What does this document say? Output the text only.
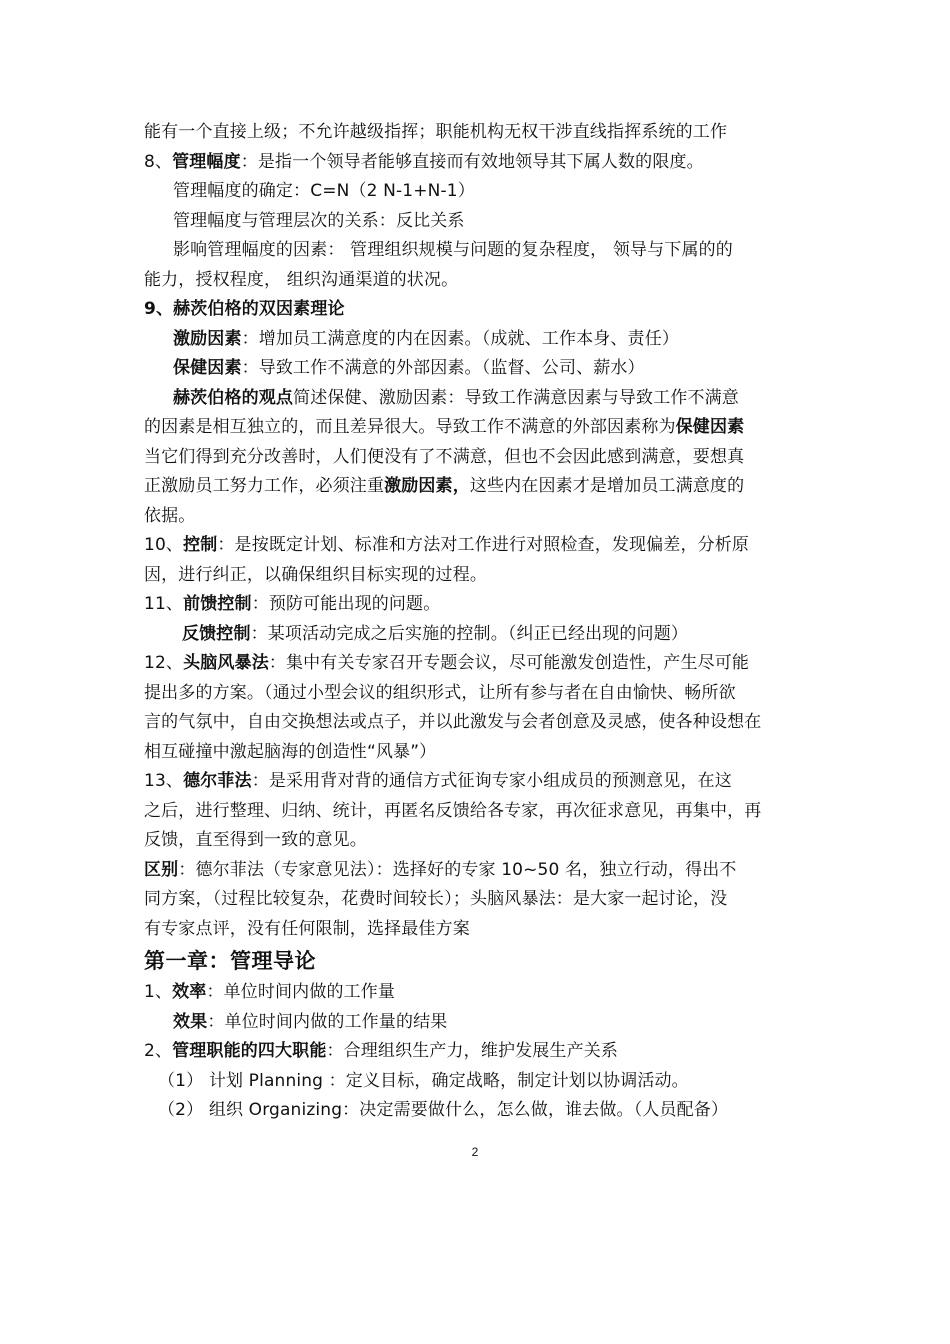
能有一个直接上级；不允许越级指挥；职能机构无权干涉直线指挥系统的工作
8、管理幅度：是指一个领导者能够直接而有效地领导其下属人数的限度。
管理幅度的确定：C=N（2 N-1+N-1）
管理幅度与管理层次的关系：反比关系
影响管理幅度的因素： 管理组织规模与问题的复杂程度， 领导与下属的的
能力，授权程度， 组织沟通渠道的状况。
9、赫茨伯格的双因素理论
激励因素：增加员工满意度的内在因素。（成就、工作本身、责任）
保健因素：导致工作不满意的外部因素。（监督、公司、薪水）
赫茨伯格的观点简述保健、激励因素：导致工作满意因素与导致工作不满意
的因素是相互独立的，而且差异很大。导致工作不满意的外部因素称为保健因素
当它们得到充分改善时，人们便没有了不满意，但也不会因此感到满意，要想真
正激励员工努力工作，必须注重激励因素，这些内在因素才是增加员工满意度的
依据。
10、控制：是按既定计划、标准和方法对工作进行对照检查，发现偏差，分析原
因，进行纠正，以确保组织目标实现的过程。
11、前馈控制：预防可能出现的问题。
反馈控制：某项活动完成之后实施的控制。（纠正已经出现的问题）
12、头脑风暴法：集中有关专家召开专题会议，尽可能激发创造性，产生尽可能
提出多的方案。（通过小型会议的组织形式，让所有参与者在自由愉快、畅所欲
言的气氛中，自由交换想法或点子，并以此激发与会者创意及灵感，使各种设想在
相互碰撞中激起脑海的创造性“风暴”）
13、德尔菲法：是采用背对背的通信方式征询专家小组成员的预测意见，在这
之后，进行整理、归纳、统计，再匿名反馈给各专家，再次征求意见，再集中，再
反馈，直至得到一致的意见。
区别：德尔菲法（专家意见法）：选择好的专家 10~50 名，独立行动，得出不
同方案，（过程比较复杂，花费时间较长）；头脑风暴法：是大家一起讨论，没
有专家点评，没有任何限制，选择最佳方案
第一章：管理导论
1、效率：单位时间内做的工作量
效果：单位时间内做的工作量的结果
2、管理职能的四大职能：合理组织生产力，维护发展生产关系
（1） 计划 Planning ：定义目标，确定战略，制定计划以协调活动。
（2） 组织 Organizing：决定需要做什么，怎么做，谁去做。（人员配备）
2
